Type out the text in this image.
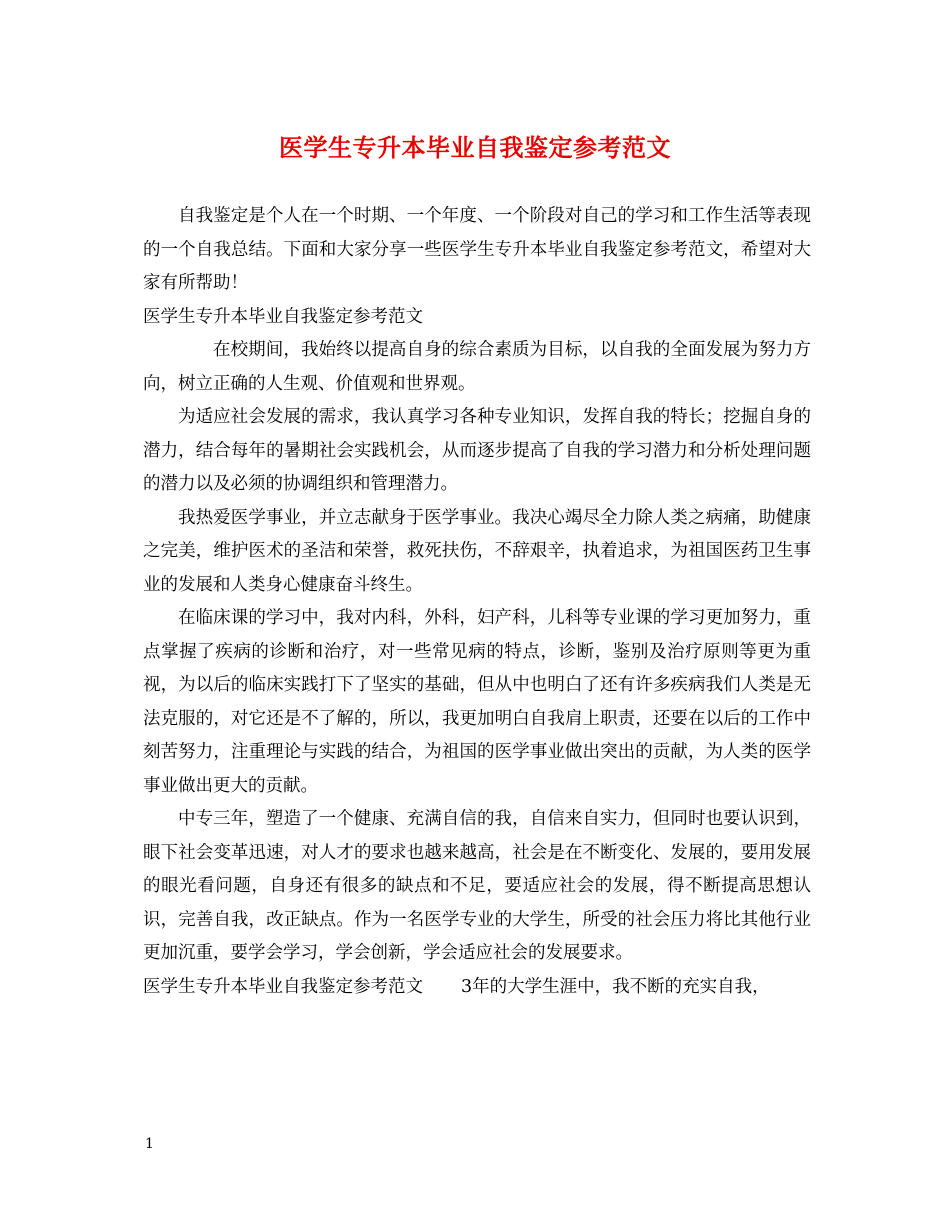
医学生专升本毕业自我鉴定参考范文

自我鉴定是个人在一个时期、一个年度、一个阶段对自己的学习和工作生活等表现的一个自我总结。下面和大家分享一些医学生专升本毕业自我鉴定参考范文，希望对大家有所帮助！

医学生专升本毕业自我鉴定参考范文

在校期间，我始终以提高自身的综合素质为目标，以自我的全面发展为努力方向，树立正确的人生观、价值观和世界观。

为适应社会发展的需求，我认真学习各种专业知识，发挥自我的特长；挖掘自身的潜力，结合每年的暑期社会实践机会，从而逐步提高了自我的学习潜力和分析处理问题的潜力以及必须的协调组织和管理潜力。

我热爱医学事业，并立志献身于医学事业。我决心竭尽全力除人类之病痛，助健康之完美，维护医术的圣洁和荣誉，救死扶伤，不辞艰辛，执着追求，为祖国医药卫生事业的发展和人类身心健康奋斗终生。

在临床课的学习中，我对内科，外科，妇产科，儿科等专业课的学习更加努力，重点掌握了疾病的诊断和治疗，对一些常见病的特点，诊断，鉴别及治疗原则等更为重视，为以后的临床实践打下了坚实的基础，但从中也明白了还有许多疾病我们人类是无法克服的，对它还是不了解的，所以，我更加明白自我肩上职责，还要在以后的工作中刻苦努力，注重理论与实践的结合，为祖国的医学事业做出突出的贡献，为人类的医学事业做出更大的贡献。

中专三年，塑造了一个健康、充满自信的我，自信来自实力，但同时也要认识到，眼下社会变革迅速，对人才的要求也越来越高，社会是在不断变化、发展的，要用发展的眼光看问题，自身还有很多的缺点和不足，要适应社会的发展，得不断提高思想认识，完善自我，改正缺点。作为一名医学专业的大学生，所受的社会压力将比其他行业更加沉重，要学会学习，学会创新，学会适应社会的发展要求。

医学生专升本毕业自我鉴定参考范文 3年的大学生涯中，我不断的充实自我，

1
